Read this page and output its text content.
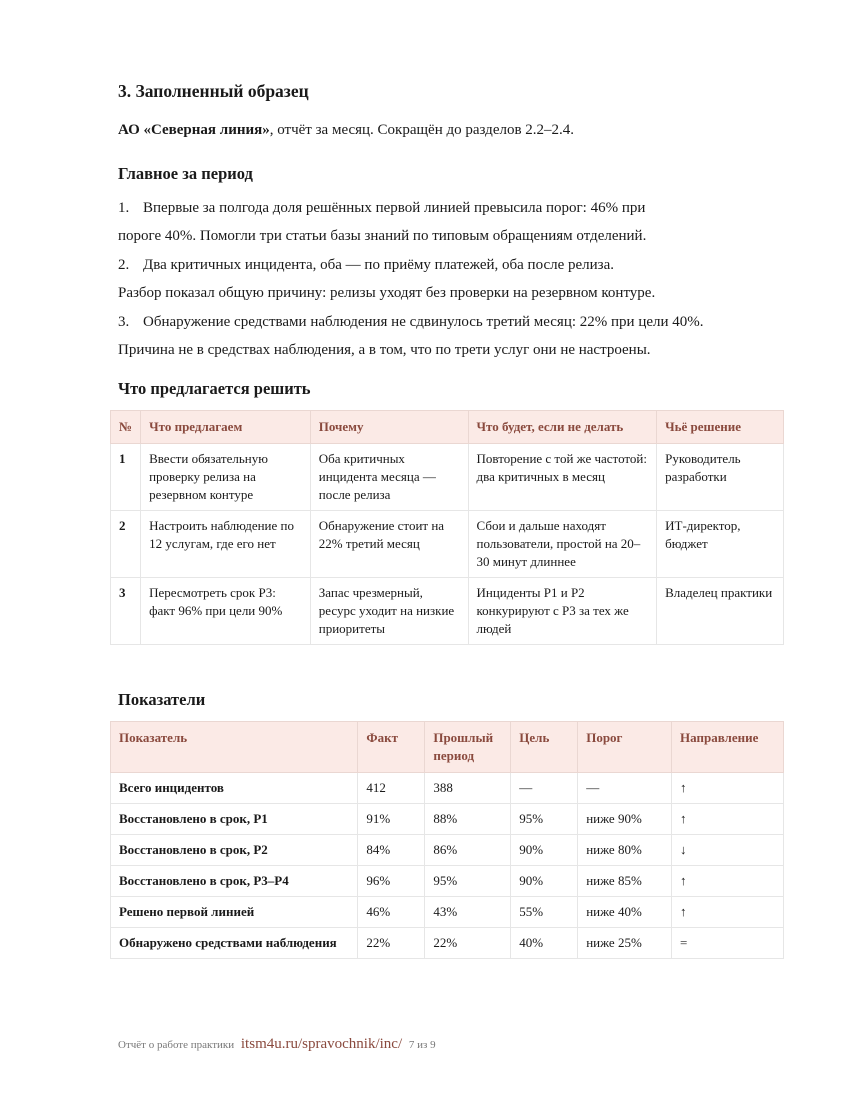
3. Заполненный образец

АО «Северная линия», отчёт за месяц. Сокращён до разделов 2.2–2.4.

Главное за период
1. Впервые за полгода доля решённых первой линией превысила порог: 46% при
пороге 40%. Помогли три статьи базы знаний по типовым обращениям отделений.
2. Два критичных инцидента, оба — по приёму платежей, оба после релиза.
Разбор показал общую причину: релизы уходят без проверки на резервном контуре.
3. Обнаружение средствами наблюдения не сдвинулось третий месяц: 22% при цели 40%.
Причина не в средствах наблюдения, а в том, что по трети услуг они не настроены.
Что предлагается решить
№	Что предлагаем	Почему	Что будет, если не делать	Чьё решение
1	Ввести обязательную проверку релиза на резервном контуре	Оба критичных инцидента месяца — после релиза	Повторение с той же частотой: два критичных в месяц	Руководитель разработки
2	Настроить наблюдение по 12 услугам, где его нет	Обнаружение стоит на 22% третий месяц	Сбои и дальше находят пользователи, простой на 20–30 минут длиннее	ИТ-директор, бюджет
3	Пересмотреть срок P3: факт 96% при цели 90%	Запас чрезмерный, ресурс уходит на низкие приоритеты	Инциденты P1 и P2 конкурируют с P3 за тех же людей	Владелец практики
Показатели
Показатель	Факт	Прошлый период	Цель	Порог	Направление
Всего инцидентов	412	388	—	—	↑
Восстановлено в срок, P1	91%	88%	95%	ниже 90%	↑
Восстановлено в срок, P2	84%	86%	90%	ниже 80%	↓
Восстановлено в срок, P3–P4	96%	95%	90%	ниже 85%	↑
Решено первой линией	46%	43%	55%	ниже 40%	↑
Обнаружено средствами наблюдения	22%	22%	40%	ниже 25%	=
Отчёт о работе практики itsm4u.ru/spravochnik/inc/ 7 из 9
